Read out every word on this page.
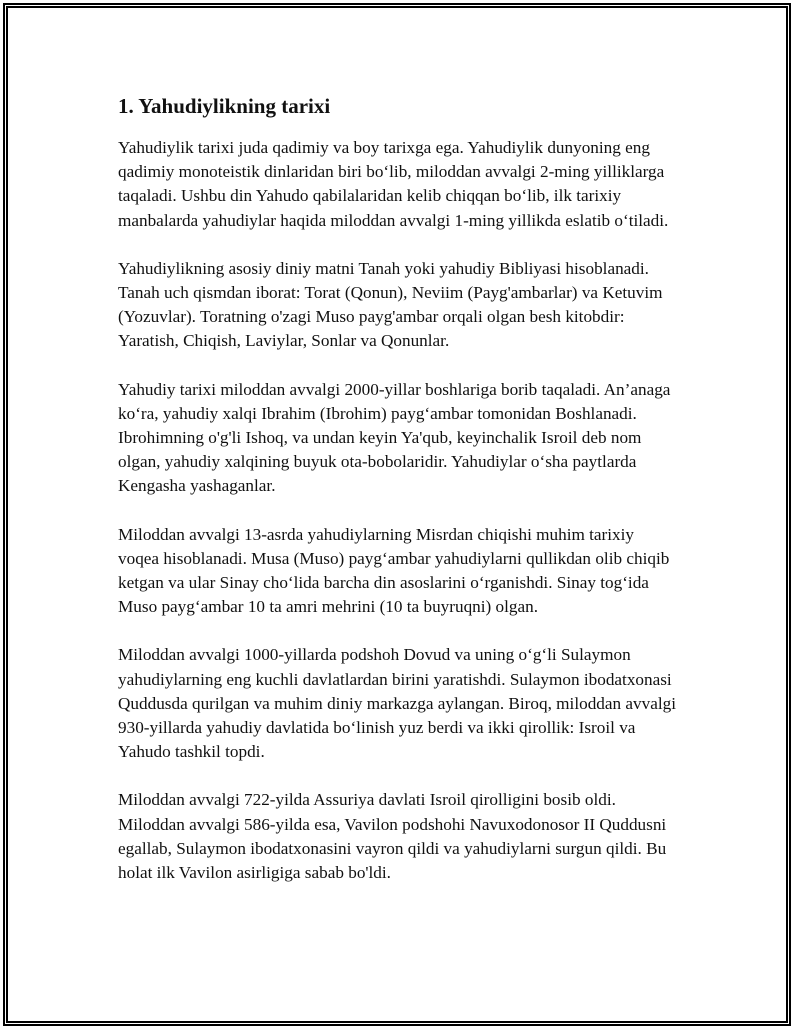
1. Yahudiylikning tarixi

Yahudiylik tarixi juda qadimiy va boy tarixga ega. Yahudiylik dunyoning eng qadimiy monoteistik dinlaridan biri bo‘lib, miloddan avvalgi 2-ming yilliklarga taqaladi. Ushbu din Yahudo qabilalaridan kelib chiqqan bo‘lib, ilk tarixiy manbalarda yahudiylar haqida miloddan avvalgi 1-ming yillikda eslatib o‘tiladi.

Yahudiylikning asosiy diniy matni Tanah yoki yahudiy Bibliyasi hisoblanadi. Tanah uch qismdan iborat: Torat (Qonun), Neviim (Payg'ambarlar) va Ketuvim (Yozuvlar). Toratning o'zagi Muso payg'ambar orqali olgan besh kitobdir: Yaratish, Chiqish, Laviylar, Sonlar va Qonunlar.

Yahudiy tarixi miloddan avvalgi 2000-yillar boshlariga borib taqaladi. An’anaga ko‘ra, yahudiy xalqi Ibrahim (Ibrohim) payg‘ambar tomonidan Boshlanadi. Ibrohimning o'g'li Ishoq, va undan keyin Ya'qub, keyinchalik Isroil deb nom olgan, yahudiy xalqining buyuk ota-bobolaridir. Yahudiylar o‘sha paytlarda Kengasha yashaganlar.

Miloddan avvalgi 13-asrda yahudiylarning Misrdan chiqishi muhim tarixiy voqea hisoblanadi. Musa (Muso) payg‘ambar yahudiylarni qullikdan olib chiqib ketgan va ular Sinay cho‘lida barcha din asoslarini o‘rganishdi. Sinay tog‘ida Muso payg‘ambar 10 ta amri mehrini (10 ta buyruqni) olgan.

Miloddan avvalgi 1000-yillarda podshoh Dovud va uning o‘g‘li Sulaymon yahudiylarning eng kuchli davlatlardan birini yaratishdi. Sulaymon ibodatxonasi Quddusda qurilgan va muhim diniy markazga aylangan. Biroq, miloddan avvalgi 930-yillarda yahudiy davlatida bo‘linish yuz berdi va ikki qirollik: Isroil va Yahudo tashkil topdi.

Miloddan avvalgi 722-yilda Assuriya davlati Isroil qirolligini bosib oldi. Miloddan avvalgi 586-yilda esa, Vavilon podshohi Navuxodonosor II Quddusni egallab, Sulaymon ibodatxonasini vayron qildi va yahudiylarni surgun qildi. Bu holat ilk Vavilon asirligiga sabab bo'ldi.
